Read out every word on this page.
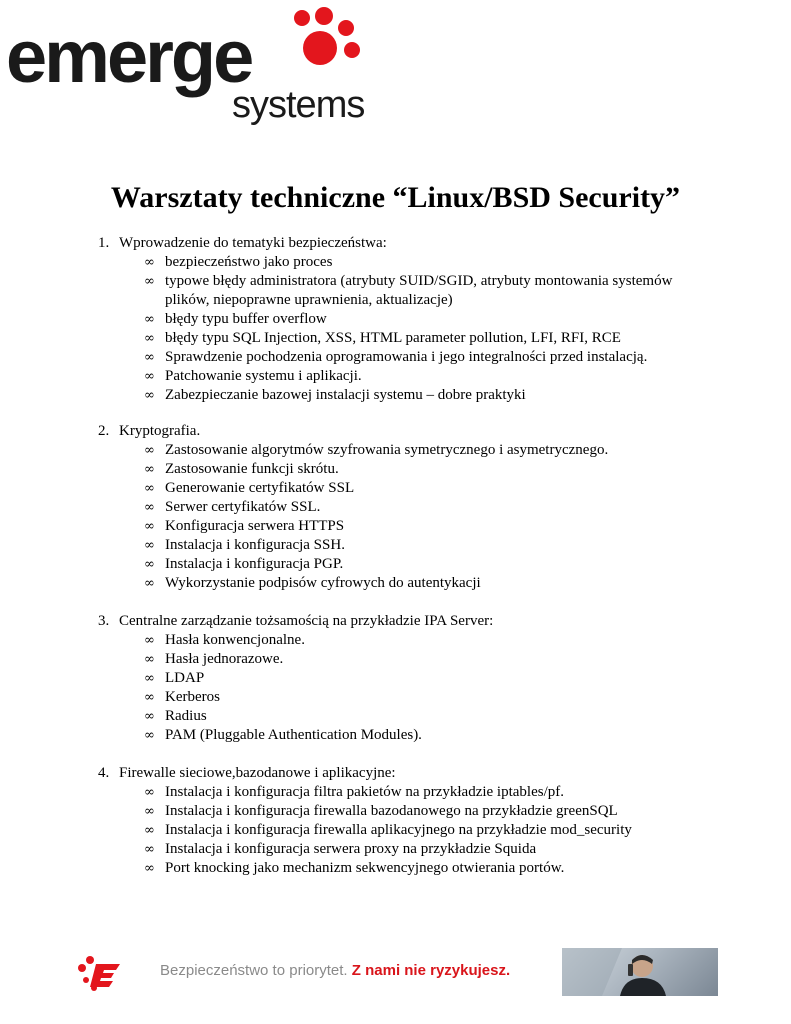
emerge
systems
Warsztaty techniczne “Linux/BSD Security”
1. Wprowadzenie do tematyki bezpieczeństwa:
∞ bezpieczeństwo jako proces
∞ typowe błędy administratora (atrybuty SUID/SGID, atrybuty montowania systemów plików, niepoprawne uprawnienia, aktualizacje)
∞ błędy typu buffer overflow
∞ błędy typu SQL Injection, XSS, HTML parameter pollution, LFI, RFI, RCE
∞ Sprawdzenie pochodzenia oprogramowania i jego integralności przed instalacją.
∞ Patchowanie systemu i aplikacji.
∞ Zabezpieczanie bazowej instalacji systemu – dobre praktyki
2. Kryptografia.
∞ Zastosowanie algorytmów szyfrowania symetrycznego i asymetrycznego.
∞ Zastosowanie funkcji skrótu.
∞ Generowanie certyfikatów SSL
∞ Serwer certyfikatów SSL.
∞ Konfiguracja serwera HTTPS
∞ Instalacja i konfiguracja SSH.
∞ Instalacja i konfiguracja PGP.
∞ Wykorzystanie podpisów cyfrowych do autentykacji
3. Centralne zarządzanie tożsamością na przykładzie IPA Server:
∞ Hasła konwencjonalne.
∞ Hasła jednorazowe.
∞ LDAP
∞ Kerberos
∞ Radius
∞ PAM (Pluggable Authentication Modules).
4. Firewalle sieciowe,bazodanowe i aplikacyjne:
∞ Instalacja i konfiguracja filtra pakietów na przykładzie iptables/pf.
∞ Instalacja i konfiguracja firewalla bazodanowego na przykładzie greenSQL
∞ Instalacja i konfiguracja firewalla aplikacyjnego na przykładzie mod_security
∞ Instalacja i konfiguracja serwera proxy na przykładzie Squida
∞ Port knocking jako mechanizm sekwencyjnego otwierania portów.
Bezpieczeństwo to priorytet. Z nami nie ryzykujesz.
